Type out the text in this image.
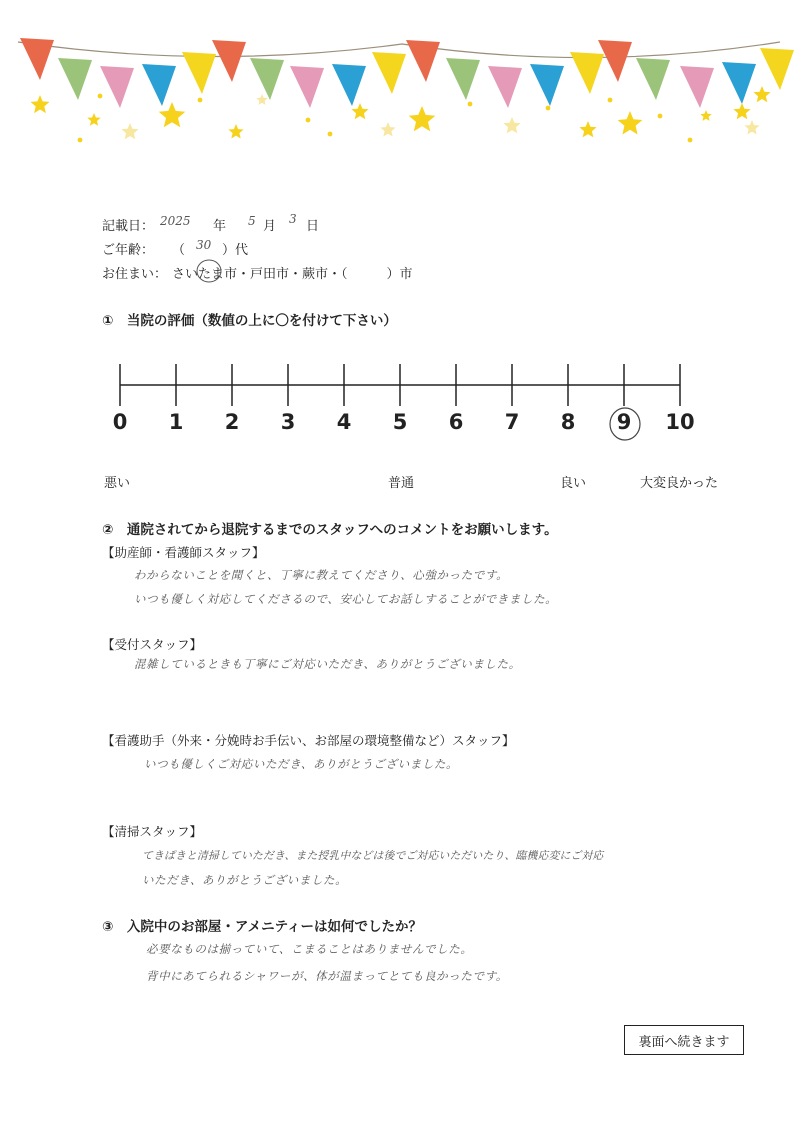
記載日： 2025 年 5 月 3 日
ご年齢： （ 30 ）代
お住まい： さいたま市・戸田市・蕨市・（　　　）市
①　当院の評価（数値の上に〇を付けて下さい）
0	1	2	3	4	5	6	7	8	9	10
悪い	普通	良い	大変良かった
②　通院されてから退院するまでのスタッフへのコメントをお願いします。
【助産師・看護師スタッフ】
わからないことを聞くと、丁寧に教えてくださり、心強かったです。
いつも優しく対応してくださるので、安心してお話しすることができました。
【受付スタッフ】
混雑しているときも丁寧にご対応いただき、ありがとうございました。
【看護助手（外来・分娩時お手伝い、お部屋の環境整備など）スタッフ】
いつも優しくご対応いただき、ありがとうございました。
【清掃スタッフ】
てきぱきと清掃していただき、また授乳中などは後でご対応いただいたり、臨機応変にご対応
いただき、ありがとうございました。
③　入院中のお部屋・アメニティーは如何でしたか？
必要なものは揃っていて、こまることはありませんでした。
背中にあてられるシャワーが、体が温まってとても良かったです。
裏面へ続きます
